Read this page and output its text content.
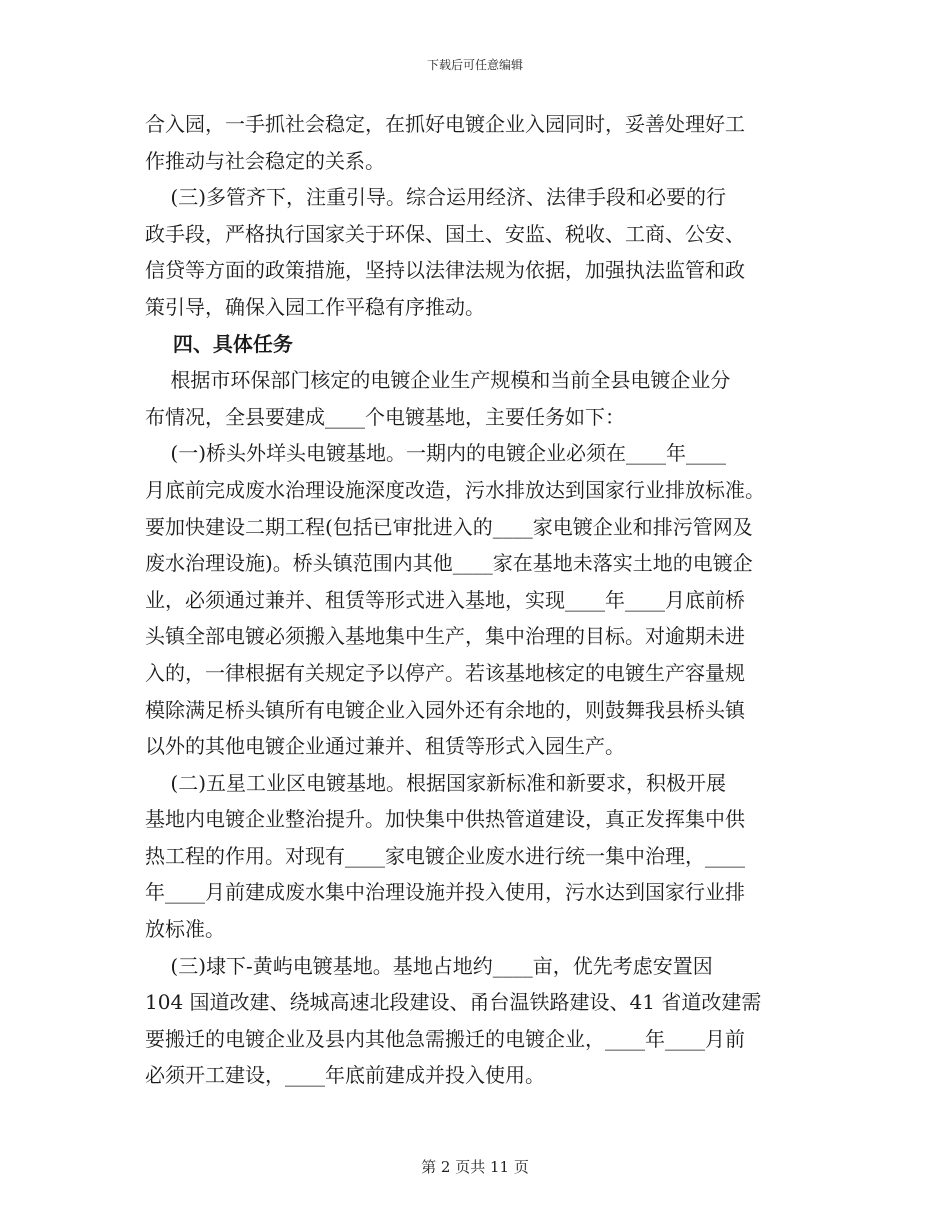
下载后可任意编辑
合入园，一手抓社会稳定，在抓好电镀企业入园同时，妥善处理好工
作推动与社会稳定的关系。
(三)多管齐下，注重引导。综合运用经济、法律手段和必要的行
政手段，严格执行国家关于环保、国土、安监、税收、工商、公安、
信贷等方面的政策措施，坚持以法律法规为依据，加强执法监管和政
策引导，确保入园工作平稳有序推动。
四、具体任务
根据市环保部门核定的电镀企业生产规模和当前全县电镀企业分
布情况，全县要建成____个电镀基地，主要任务如下：
(一)桥头外垟头电镀基地。一期内的电镀企业必须在____年____
月底前完成废水治理设施深度改造，污水排放达到国家行业排放标准。
要加快建设二期工程(包括已审批进入的____家电镀企业和排污管网及
废水治理设施)。桥头镇范围内其他____家在基地未落实土地的电镀企
业，必须通过兼并、租赁等形式进入基地，实现____年____月底前桥
头镇全部电镀必须搬入基地集中生产，集中治理的目标。对逾期未进
入的，一律根据有关规定予以停产。若该基地核定的电镀生产容量规
模除满足桥头镇所有电镀企业入园外还有余地的，则鼓舞我县桥头镇
以外的其他电镀企业通过兼并、租赁等形式入园生产。
(二)五星工业区电镀基地。根据国家新标准和新要求，积极开展
基地内电镀企业整治提升。加快集中供热管道建设，真正发挥集中供
热工程的作用。对现有____家电镀企业废水进行统一集中治理，____
年____月前建成废水集中治理设施并投入使用，污水达到国家行业排
放标准。
(三)埭下-黄屿电镀基地。基地占地约____亩，优先考虑安置因
104 国道改建、绕城高速北段建设、甬台温铁路建设、41 省道改建需
要搬迁的电镀企业及县内其他急需搬迁的电镀企业，____年____月前
必须开工建设，____年底前建成并投入使用。
第 2 页共 11 页
